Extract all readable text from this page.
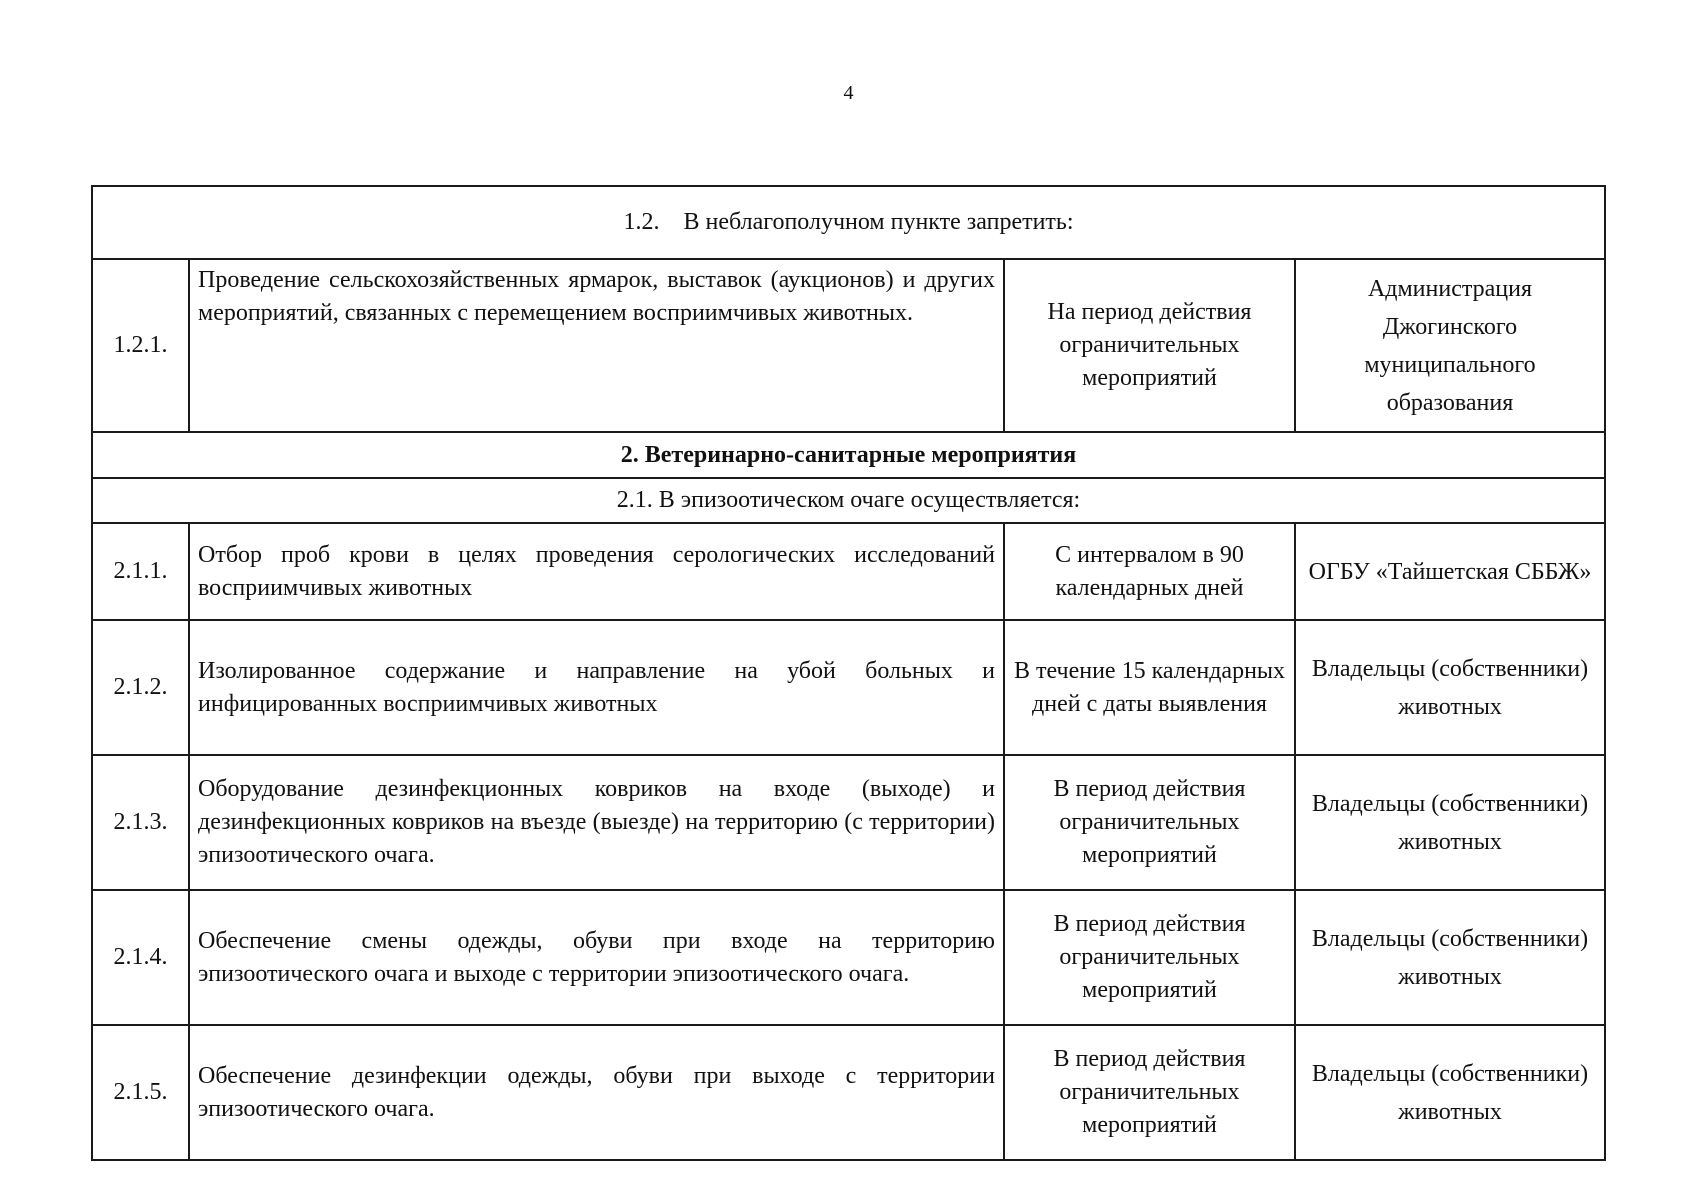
4
1.2. В неблагополучном пункте запретить:			
1.2.1.	Проведение сельскохозяйственных ярмарок, выставок (аукционов) и других мероприятий, связанных с перемещением восприимчивых животных.	На период действия ограничительных мероприятий	Администрация Джогинского муниципального образования
2. Ветеринарно-санитарные мероприятия			
2.1. В эпизоотическом очаге осуществляется:			
2.1.1.	Отбор проб крови в целях проведения серологических исследований восприимчивых животных	С интервалом в 90 календарных дней	ОГБУ «Тайшетская СББЖ»
2.1.2.	Изолированное содержание и направление на убой больных и инфицированных восприимчивых животных	В течение 15 календарных дней с даты выявления	Владельцы (собственники) животных
2.1.3.	Оборудование дезинфекционных ковриков на входе (выходе) и дезинфекционных ковриков на въезде (выезде) на территорию (с территории) эпизоотического очага.	В период действия ограничительных мероприятий	Владельцы (собственники) животных
2.1.4.	Обеспечение смены одежды, обуви при входе на территорию эпизоотического очага и выходе с территории эпизоотического очага.	В период действия ограничительных мероприятий	Владельцы (собственники) животных
2.1.5.	Обеспечение дезинфекции одежды, обуви при выходе с территории эпизоотического очага.	В период действия ограничительных мероприятий	Владельцы (собственники) животных
